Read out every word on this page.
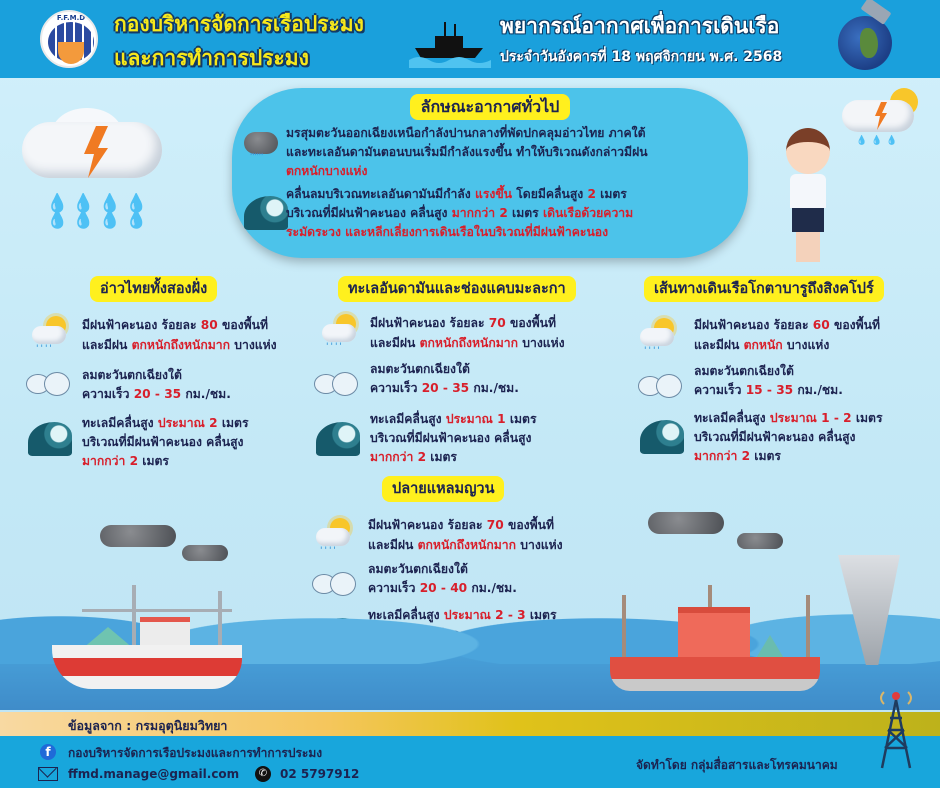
F.F.M.D	กองบริหารจัดการเรือประมง
และการทำการประมง
พยากรณ์อากาศเพื่อการเดินเรือ
ประจำวันอังคารที่ 18 พฤศจิกายน พ.ศ. 2568
💧💧💧💧
💧💧💧💧
ลักษณะอากาศทั่วไป
''''''
มรสุมตะวันออกเฉียงเหนือกำลังปานกลางที่พัดปกคลุมอ่าวไทย ภาคใต้
และทะเลอันดามันตอนบนเริ่มมีกำลังแรงขึ้น ทำให้บริเวณดังกล่าวมีฝน
ตกหนักบางแห่ง
คลื่นลมบริเวณทะเลอันดามันมีกำลัง แรงขึ้น โดยมีคลื่นสูง 2 เมตร
บริเวณที่มีฝนฟ้าคะนอง คลื่นสูง มากกว่า 2 เมตร เดินเรือด้วยความ
ระมัดระวง และหลีกเลี่ยงการเดินเรือในบริเวณที่มีฝนฟ้าคะนอง
💧💧💧
อ่าวไทยทั้งสองฝั่ง
''''
มีฝนฟ้าคะนอง ร้อยละ 80 ของพื้นที่
และมีฝน ตกหนักถึงหนักมาก บางแห่ง
ลมตะวันตกเฉียงใต้
ความเร็ว 20 - 35 กม./ชม.
ทะเลมีคลื่นสูง ประมาณ 2 เมตร
บริเวณที่มีฝนฟ้าคะนอง คลื่นสูง
มากกว่า 2 เมตร
ทะเลอันดามันและช่องแคบมะละกา
''''
มีฝนฟ้าคะนอง ร้อยละ 70 ของพื้นที่
และมีฝน ตกหนักถึงหนักมาก บางแห่ง
ลมตะวันตกเฉียงใต้
ความเร็ว 20 - 35 กม./ชม.
ทะเลมีคลื่นสูง ประมาณ 1 เมตร
บริเวณที่มีฝนฟ้าคะนอง คลื่นสูง
มากกว่า 2 เมตร
เส้นทางเดินเรือโกตาบารูถึงสิงคโปร์
''''
มีฝนฟ้าคะนอง ร้อยละ 60 ของพื้นที่
และมีฝน ตกหนัก บางแห่ง
ลมตะวันตกเฉียงใต้
ความเร็ว 15 - 35 กม./ชม.
ทะเลมีคลื่นสูง ประมาณ 1 - 2 เมตร
บริเวณที่มีฝนฟ้าคะนอง คลื่นสูง
มากกว่า 2 เมตร
ปลายแหลมญวน
''''
มีฝนฟ้าคะนอง ร้อยละ 70 ของพื้นที่
และมีฝน ตกหนักถึงหนักมาก บางแห่ง
ลมตะวันตกเฉียงใต้
ความเร็ว 20 - 40 กม./ชม.
ข้อมูลจาก : กรมอุตุนิยมวิทยา
f	กองบริหารจัดการเรือประมงและการทำการประมง
ffmd.manage@gmail.com	✆	02 5797912
จัดทำโดย กลุ่มสื่อสารและโทรคมนาคม
